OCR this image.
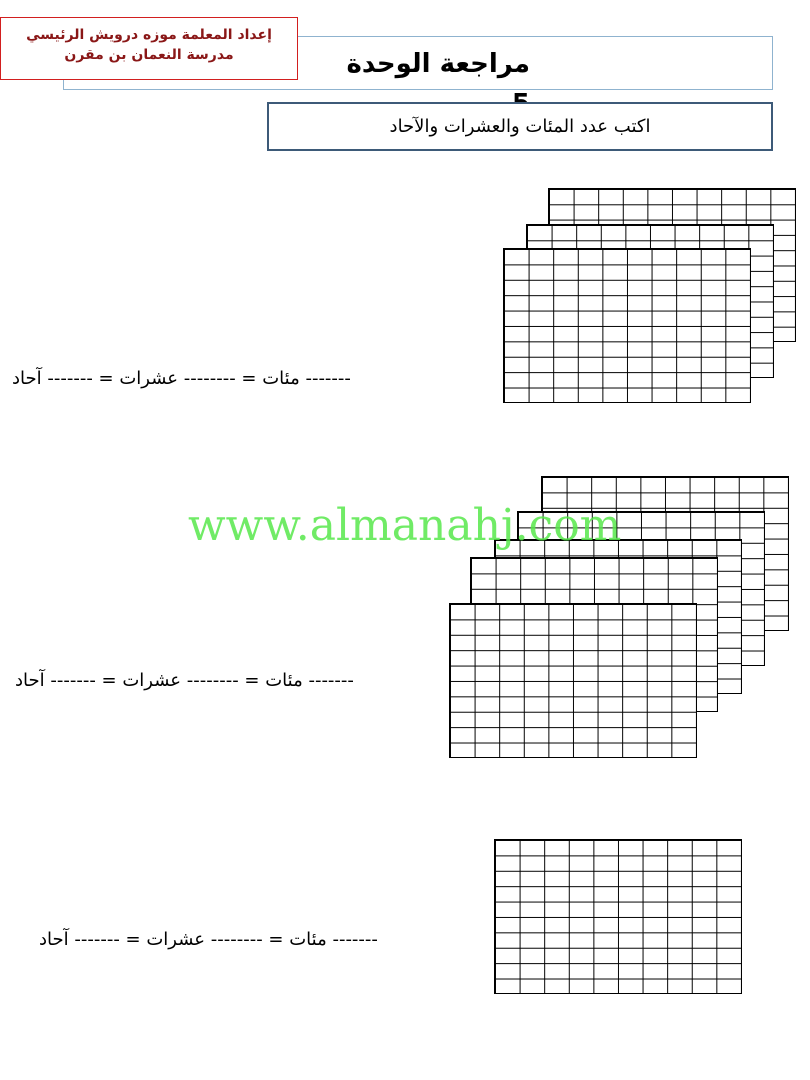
مراجعة الوحدة
إعداد المعلمة موزه درويش الرئيسي
مدرسة النعمان بن مقرن
اكتب عدد المئات والعشرات والآحاد
------- مئات = -------- عشرات = ------- آحاد
------- مئات = -------- عشرات = ------- آحاد
www.almanahj.com
------- مئات = -------- عشرات = ------- آحاد
